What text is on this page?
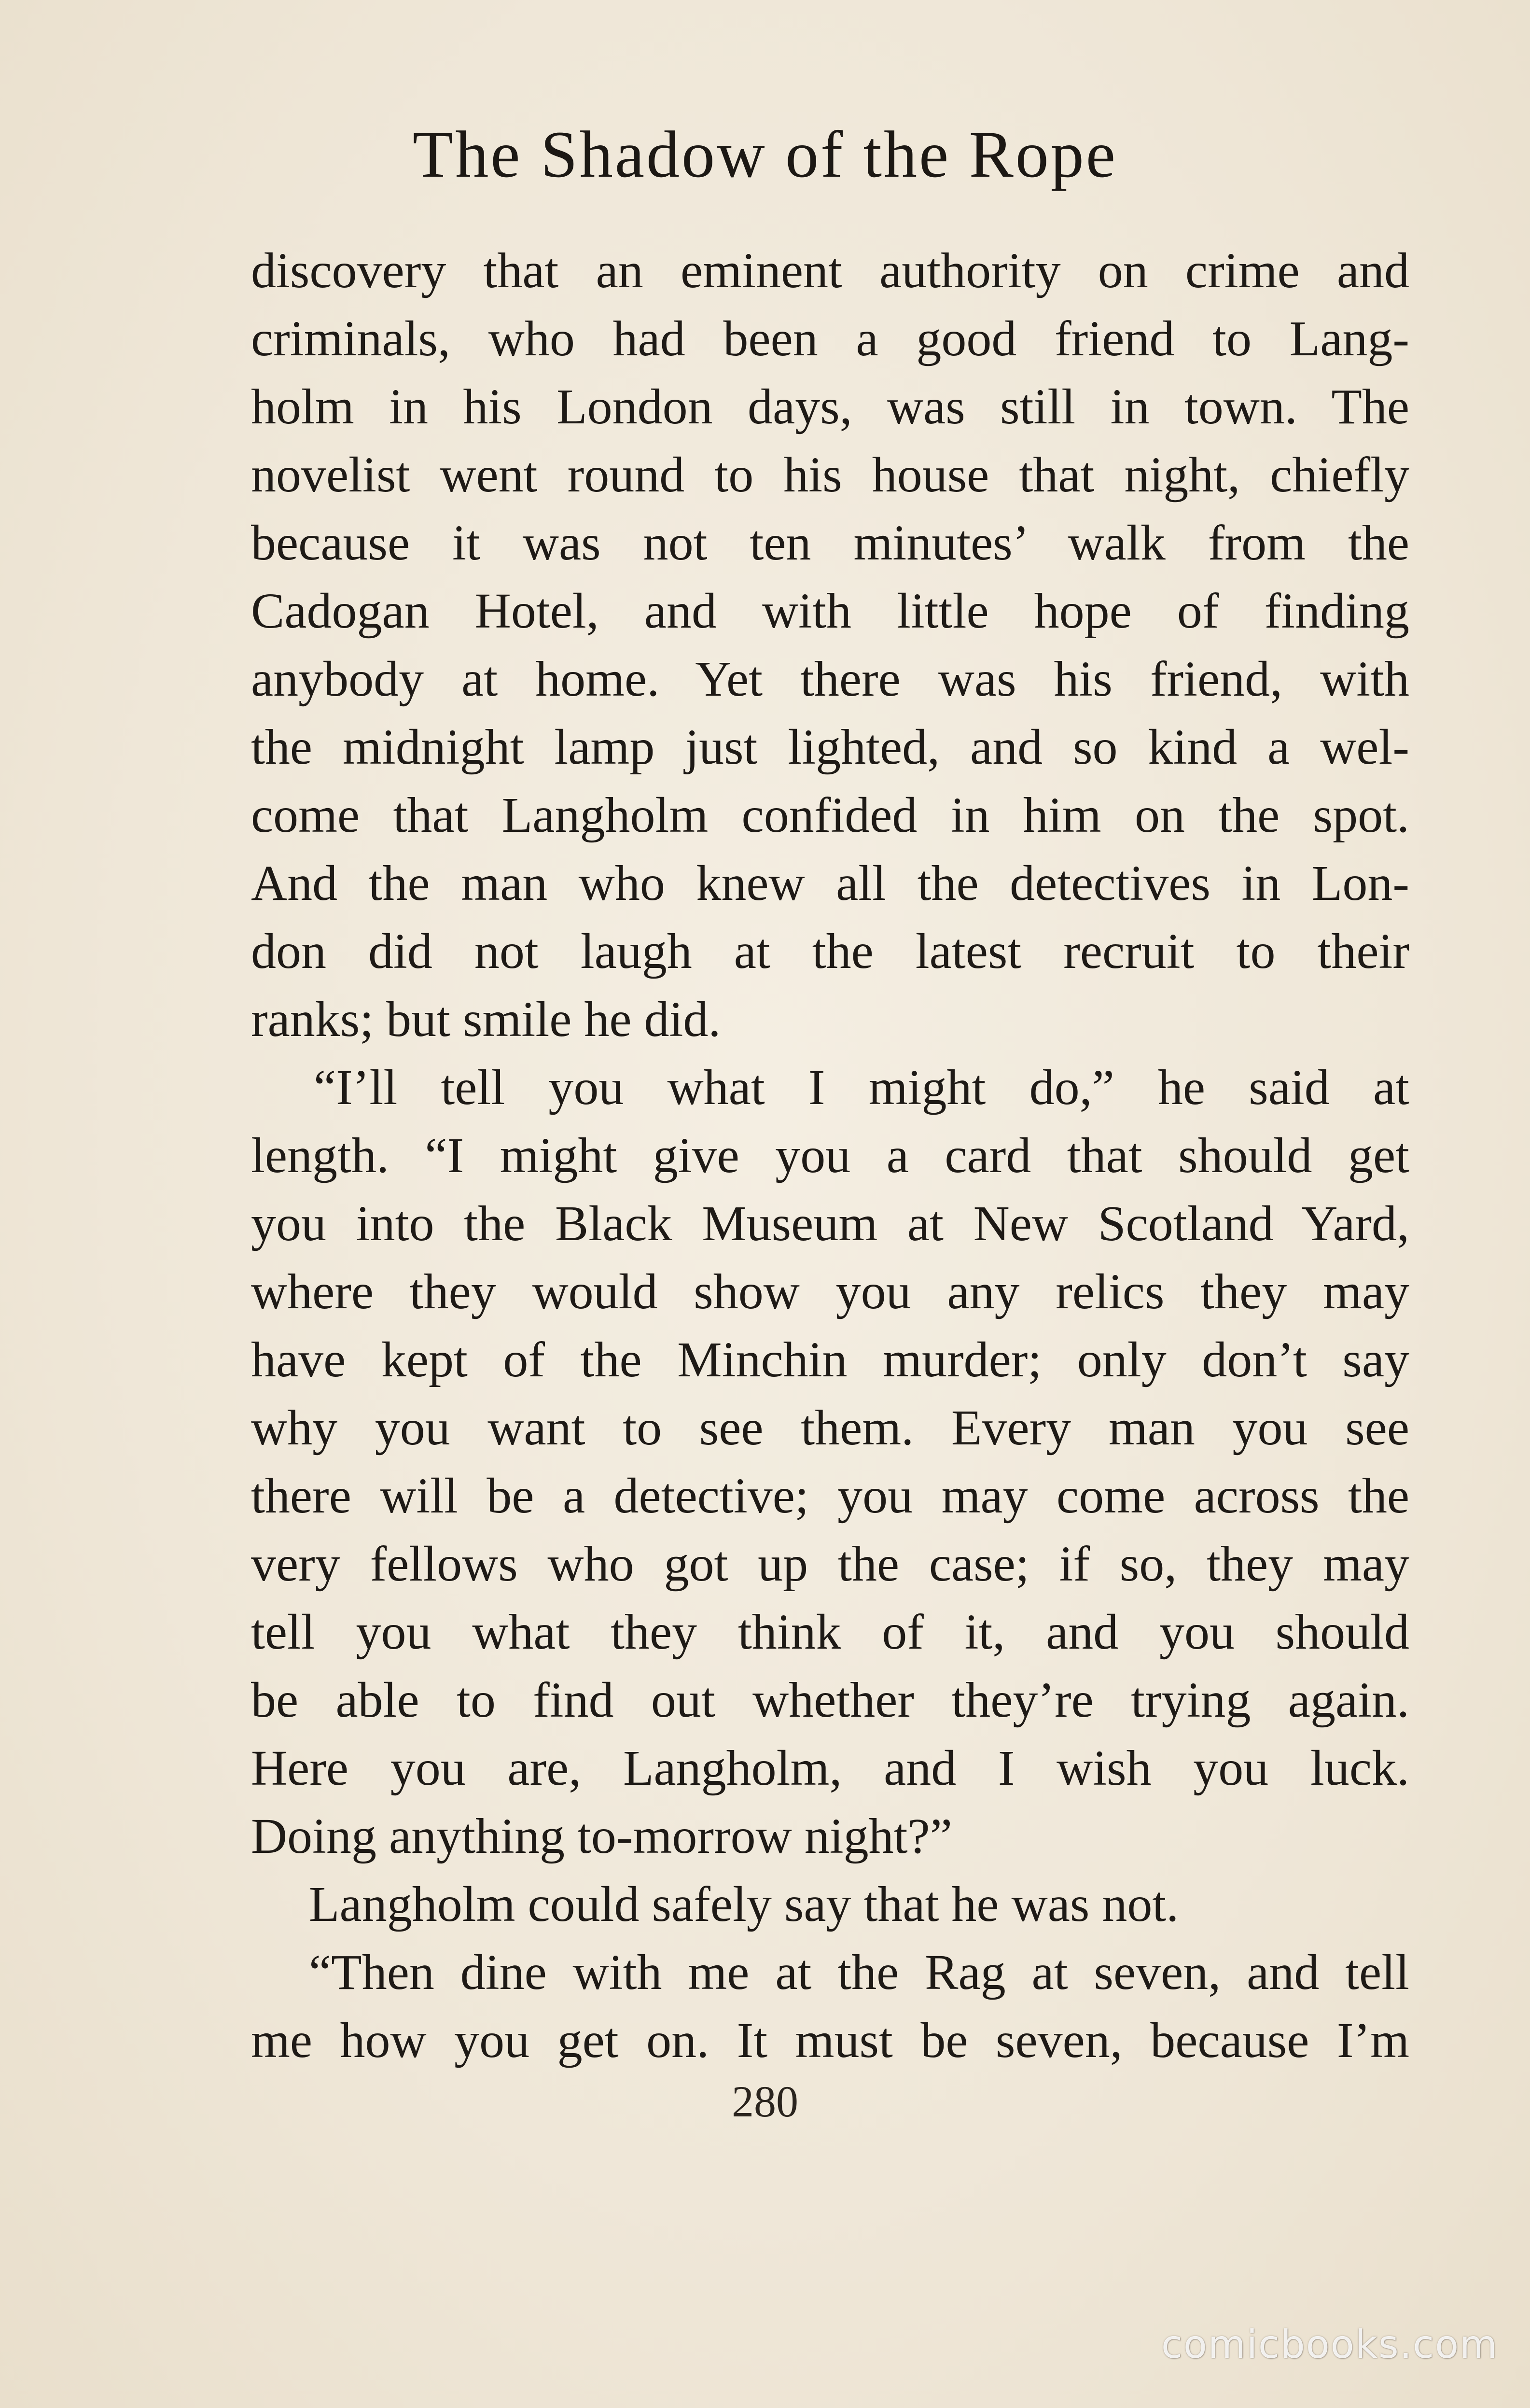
The Shadow of the Rope
discovery that an eminent authority on crime and
criminals, who had been a good friend to Lang-
holm in his London days, was still in town. The
novelist went round to his house that night, chiefly
because it was not ten minutes’ walk from the
Cadogan Hotel, and with little hope of finding
anybody at home. Yet there was his friend, with
the midnight lamp just lighted, and so kind a wel-
come that Langholm confided in him on the spot.
And the man who knew all the detectives in Lon-
don did not laugh at the latest recruit to their
ranks; but smile he did.
“I’ll tell you what I might do,” he said at
length. “I might give you a card that should get
you into the Black Museum at New Scotland Yard,
where they would show you any relics they may
have kept of the Minchin murder; only don’t say
why you want to see them. Every man you see
there will be a detective; you may come across the
very fellows who got up the case; if so, they may
tell you what they think of it, and you should
be able to find out whether they’re trying again.
Here you are, Langholm, and I wish you luck.
Doing anything to-morrow night?”
Langholm could safely say that he was not.
“Then dine with me at the Rag at seven, and tell
me how you get on. It must be seven, because I’m
280
comicbooks.com
